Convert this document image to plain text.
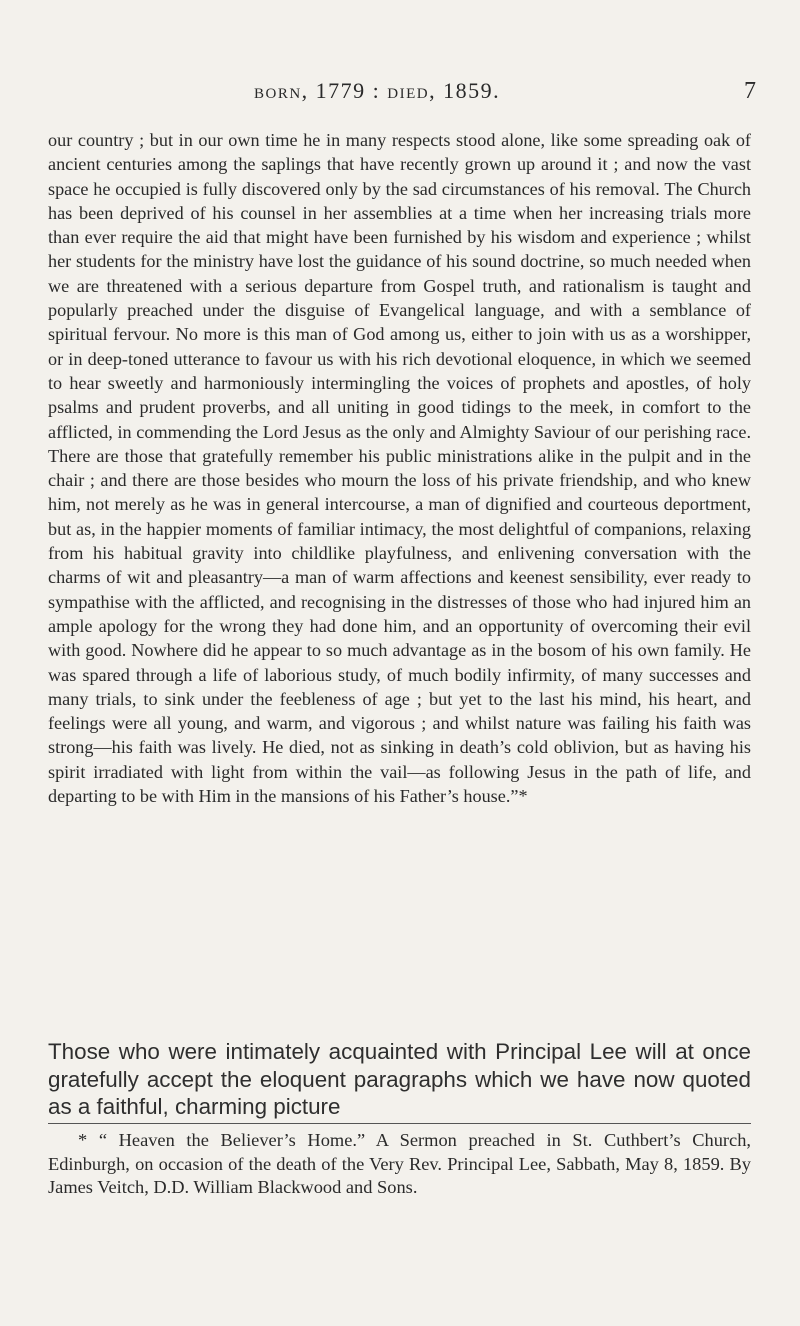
born, 1779 : died, 1859.	7

our country ; but in our own time he in many respects stood alone, like some spreading oak of ancient centuries among the saplings that have recently grown up around it ; and now the vast space he occupied is fully discovered only by the sad circumstances of his removal. The Church has been deprived of his counsel in her assemblies at a time when her increasing trials more than ever require the aid that might have been furnished by his wisdom and experience ; whilst her students for the ministry have lost the guidance of his sound doctrine, so much needed when we are threatened with a serious departure from Gospel truth, and rationalism is taught and popularly preached under the disguise of Evangelical language, and with a semblance of spiritual fervour. No more is this man of God among us, either to join with us as a worshipper, or in deep-toned utterance to favour us with his rich devotional eloquence, in which we seemed to hear sweetly and harmoniously intermingling the voices of prophets and apostles, of holy psalms and prudent proverbs, and all uniting in good tidings to the meek, in comfort to the afflicted, in commending the Lord Jesus as the only and Almighty Saviour of our perishing race. There are those that gratefully remember his public ministrations alike in the pulpit and in the chair ; and there are those besides who mourn the loss of his private friendship, and who knew him, not merely as he was in general intercourse, a man of dignified and courteous deportment, but as, in the happier moments of familiar intimacy, the most delightful of companions, relaxing from his habitual gravity into childlike playfulness, and enlivening conversation with the charms of wit and pleasantry—a man of warm affections and keenest sensibility, ever ready to sympathise with the afflicted, and recognising in the distresses of those who had injured him an ample apology for the wrong they had done him, and an opportunity of overcoming their evil with good. Nowhere did he appear to so much advantage as in the bosom of his own family. He was spared through a life of laborious study, of much bodily infirmity, of many successes and many trials, to sink under the feebleness of age ; but yet to the last his mind, his heart, and feelings were all young, and warm, and vigorous ; and whilst nature was failing his faith was strong—his faith was lively. He died, not as sinking in death’s cold oblivion, but as having his spirit irradiated with light from within the vail—as following Jesus in the path of life, and departing to be with Him in the mansions of his Father’s house.”*

Those who were intimately acquainted with Principal Lee will at once gratefully accept the eloquent paragraphs which we have now quoted as a faithful, charming picture

* “ Heaven the Believer’s Home.” A Sermon preached in St. Cuthbert’s Church, Edinburgh, on occasion of the death of the Very Rev. Principal Lee, Sabbath, May 8, 1859. By James Veitch, D.D. William Blackwood and Sons.
